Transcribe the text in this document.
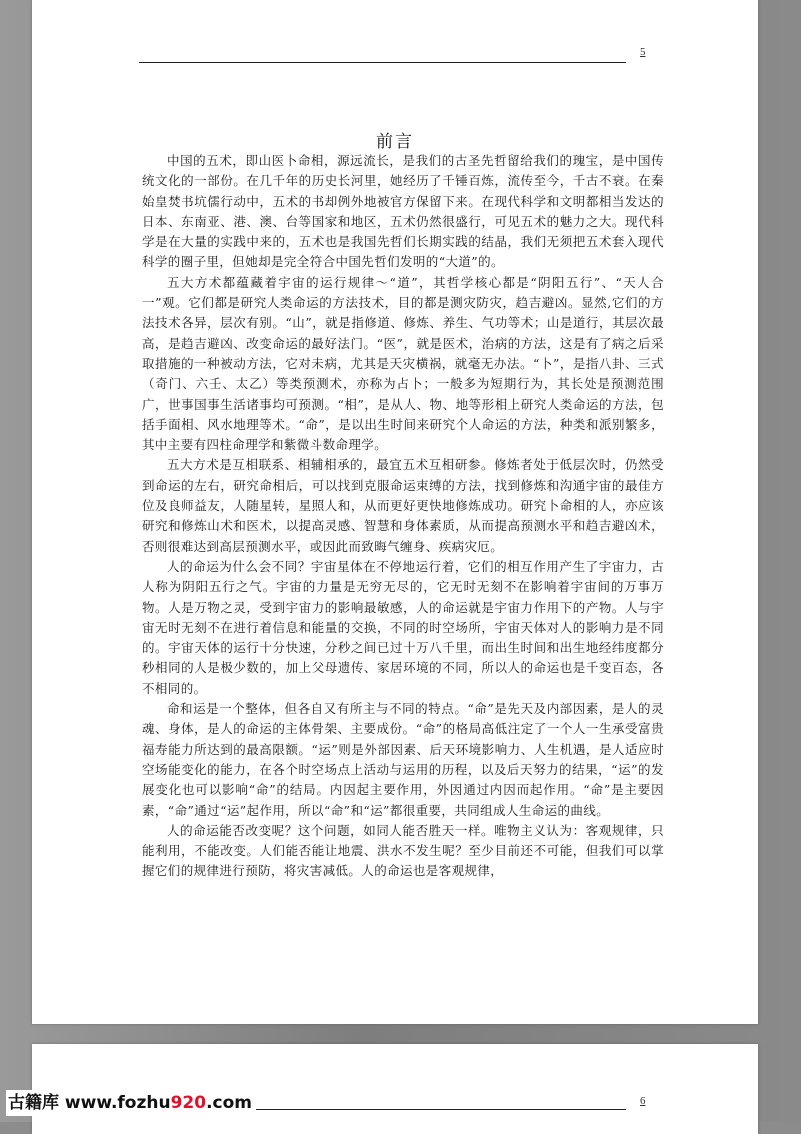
5
前言

中国的五术，即山医卜命相，源远流长，是我们的古圣先哲留给我们的瑰宝，是中国传统文化的一部份。在几千年的历史长河里，她经历了千锤百炼，流传至今，千古不衰。在秦始皇焚书坑儒行动中，五术的书却例外地被官方保留下来。在现代科学和文明都相当发达的日本、东南亚、港、澳、台等国家和地区，五术仍然很盛行，可见五术的魅力之大。现代科学是在大量的实践中来的，五术也是我国先哲们长期实践的结晶，我们无须把五术套入现代科学的圈子里，但她却是完全符合中国先哲们发明的“大道”的。

五大方术都蕴藏着宇宙的运行规律～“道”，其哲学核心都是“阴阳五行”、“天人合一”观。它们都是研究人类命运的方法技术，目的都是测灾防灾，趋吉避凶。显然,它们的方法技术各异，层次有别。“山”，就是指修道、修炼、养生、气功等术；山是道行，其层次最高，是趋吉避凶、改变命运的最好法门。“医”，就是医术，治病的方法，这是有了病之后采取措施的一种被动方法，它对未病，尤其是天灾横祸，就毫无办法。“卜”，是指八卦、三式（奇门、六壬、太乙）等类预测术，亦称为占卜；一般多为短期行为，其长处是预测范围广，世事国事生活诸事均可预测。“相”，是从人、物、地等形相上研究人类命运的方法，包括手面相、风水地理等术。“命”，是以出生时间来研究个人命运的方法，种类和派别繁多，其中主要有四柱命理学和紫微斗数命理学。

五大方术是互相联系、相辅相承的，最宜五术互相研参。修炼者处于低层次时，仍然受到命运的左右，研究命相后，可以找到克服命运束缚的方法，找到修炼和沟通宇宙的最佳方位及良师益友，人随星转，星照人和，从而更好更快地修炼成功。研究卜命相的人，亦应该研究和修炼山术和医术，以提高灵感、智慧和身体素质，从而提高预测水平和趋吉避凶术，否则很难达到高层预测水平，或因此而致晦气缠身、疾病灾厄。

人的命运为什么会不同？宇宙星体在不停地运行着，它们的相互作用产生了宇宙力，古人称为阴阳五行之气。宇宙的力量是无穷无尽的，它无时无刻不在影响着宇宙间的万事万物。人是万物之灵，受到宇宙力的影响最敏感，人的命运就是宇宙力作用下的产物。人与宇宙无时无刻不在进行着信息和能量的交换，不同的时空场所，宇宙天体对人的影响力是不同的。宇宙天体的运行十分快速，分秒之间已过十万八千里，而出生时间和出生地经纬度都分秒相同的人是极少数的，加上父母遗传、家居环境的不同，所以人的命运也是千变百态，各不相同的。

命和运是一个整体，但各自又有所主与不同的特点。“命”是先天及内部因素，是人的灵魂、身体，是人的命运的主体骨架、主要成份。“命”的格局高低注定了一个人一生承受富贵福寿能力所达到的最高限额。“运”则是外部因素、后天环境影响力、人生机遇，是人适应时空场能变化的能力，在各个时空场点上活动与运用的历程，以及后天努力的结果，“运”的发展变化也可以影响“命”的结局。内因起主要作用，外因通过内因而起作用。“命”是主要因素，“命”通过“运”起作用，所以“命”和“运”都很重要，共同组成人生命运的曲线。

人的命运能否改变呢？这个问题，如同人能否胜天一样。唯物主义认为：客观规律，只能利用，不能改变。人们能否能让地震、洪水不发生呢？至少目前还不可能，但我们可以掌握它们的规律进行预防，将灾害减低。人的命运也是客观规律，

6
古籍库 www.fozhu920.com
